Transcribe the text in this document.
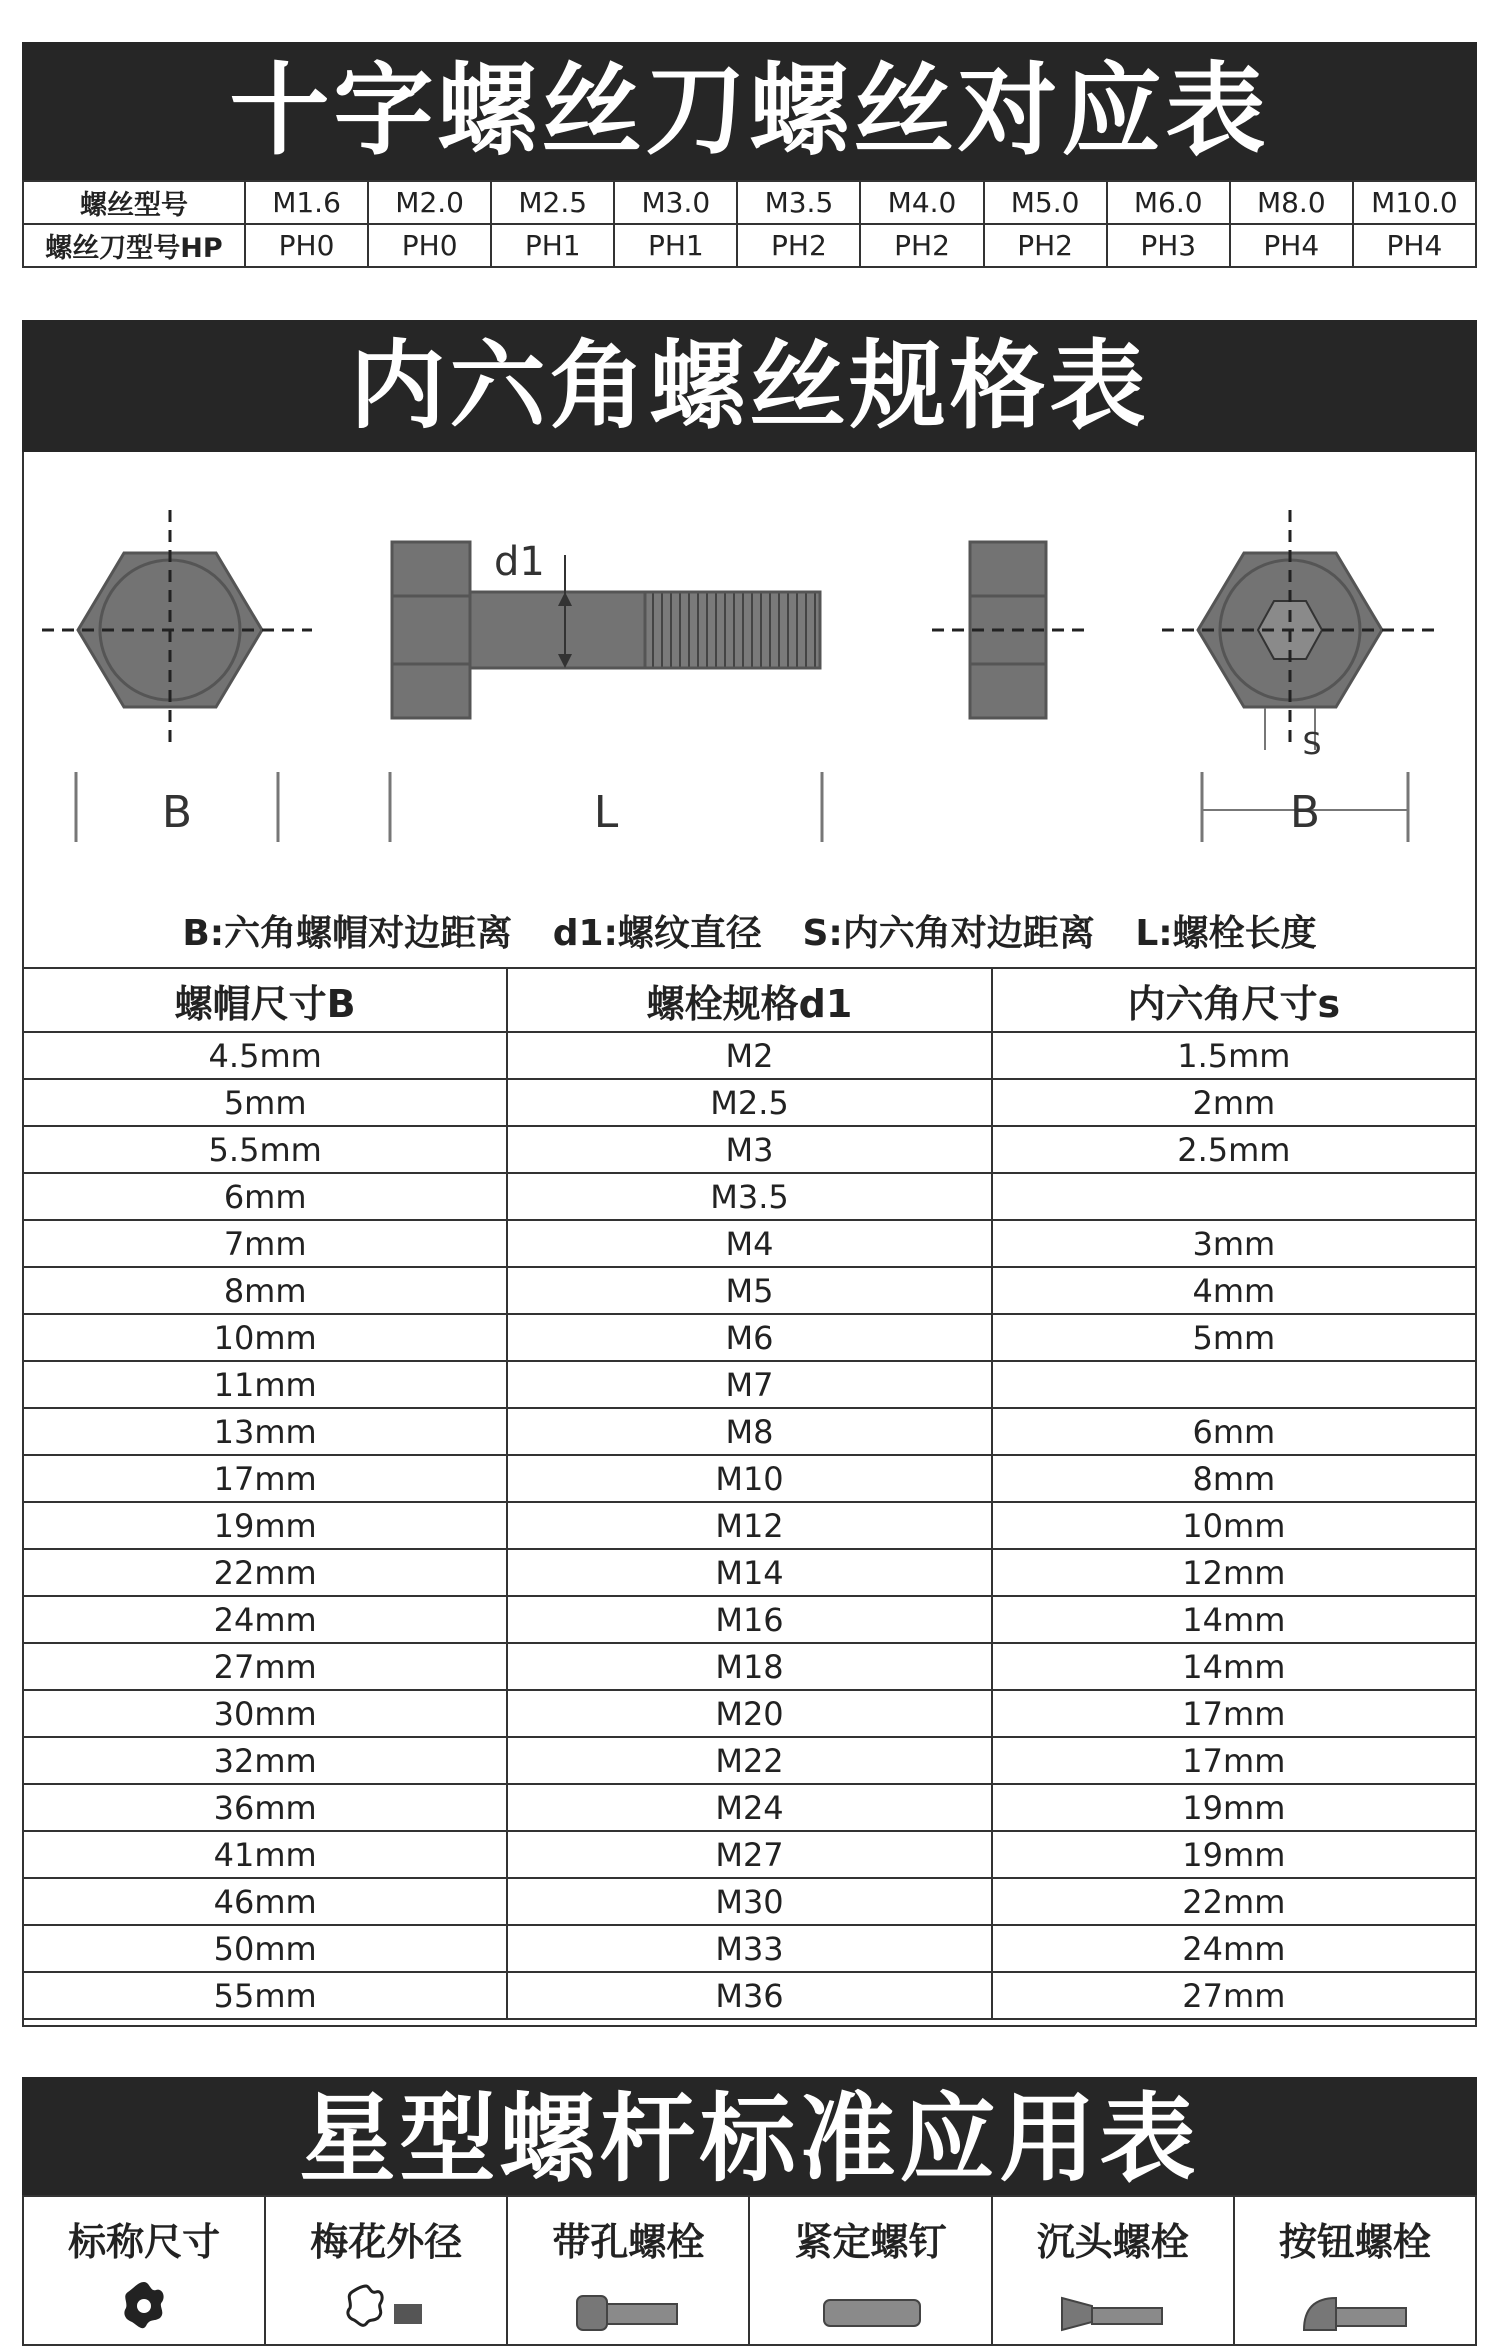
十字螺丝刀螺丝对应表
螺丝型号	M1.6	M2.0	M2.5	M3.0	M3.5	M4.0	M5.0	M6.0	M8.0	M10.0
螺丝刀型号HP	PH0	PH0	PH1	PH1	PH2	PH2	PH2	PH3	PH4	PH4
内六角螺丝规格表
B
d1
L
S
B
B:六角螺帽对边距离 d1:螺纹直径 S:内六角对边距离 L:螺栓长度
螺帽尺寸B	螺栓规格d1	内六角尺寸s
4.5mm	M2	1.5mm
5mm	M2.5	2mm
5.5mm	M3	2.5mm
6mm	M3.5	
7mm	M4	3mm
8mm	M5	4mm
10mm	M6	5mm
11mm	M7	
13mm	M8	6mm
17mm	M10	8mm
19mm	M12	10mm
22mm	M14	12mm
24mm	M16	14mm
27mm	M18	14mm
30mm	M20	17mm
32mm	M22	17mm
36mm	M24	19mm
41mm	M27	19mm
46mm	M30	22mm
50mm	M33	24mm
55mm	M36	27mm
星型螺杆标准应用表
标称尺寸	梅花外径	带孔螺栓	紧定螺钉	沉头螺栓	按钮螺栓
